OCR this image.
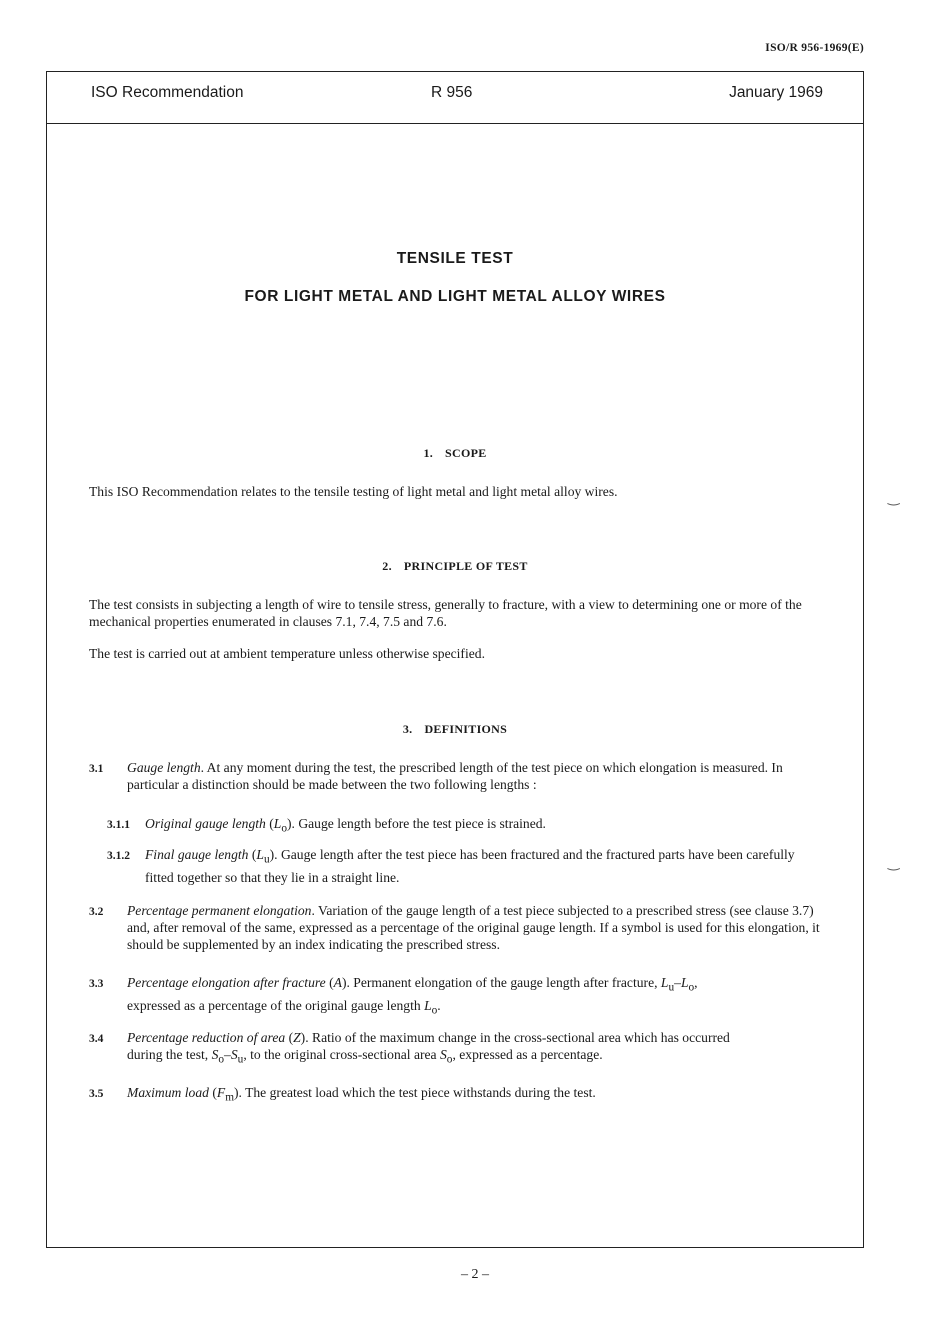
ISO/R 956-1969(E)
ISO Recommendation	R 956	January 1969
TENSILE TEST
FOR LIGHT METAL AND LIGHT METAL ALLOY WIRES
1. SCOPE
This ISO Recommendation relates to the tensile testing of light metal and light metal alloy wires.
2. PRINCIPLE OF TEST
The test consists in subjecting a length of wire to tensile stress, generally to fracture, with a view to determining one or more of the mechanical properties enumerated in clauses 7.1, 7.4, 7.5 and 7.6.
The test is carried out at ambient temperature unless otherwise specified.
3. DEFINITIONS
3.1 Gauge length. At any moment during the test, the prescribed length of the test piece on which elongation is measured. In particular a distinction should be made between the two following lengths :
3.1.1 Original gauge length $(L_o)$. Gauge length before the test piece is strained.
3.1.2 Final gauge length $(L_u)$. Gauge length after the test piece has been fractured and the fractured parts have been carefully fitted together so that they lie in a straight line.
3.2 Percentage permanent elongation. Variation of the gauge length of a test piece subjected to a prescribed stress (see clause 3.7) and, after removal of the same, expressed as a percentage of the original gauge length. If a symbol is used for this elongation, it should be supplemented by an index indicating the prescribed stress.
3.3 Percentage elongation after fracture (A). Permanent elongation of the gauge length after fracture, $L_u-L_o$,
expressed as a percentage of the original gauge length $L_o$.
3.4 Percentage reduction of area (Z). Ratio of the maximum change in the cross-sectional area which has occurred
during the test, $S_o-S_u$, to the original cross-sectional area $S_o$, expressed as a percentage.
3.5 Maximum load $(F_m)$. The greatest load which the test piece withstands during the test.
‿
‿
– 2 –
